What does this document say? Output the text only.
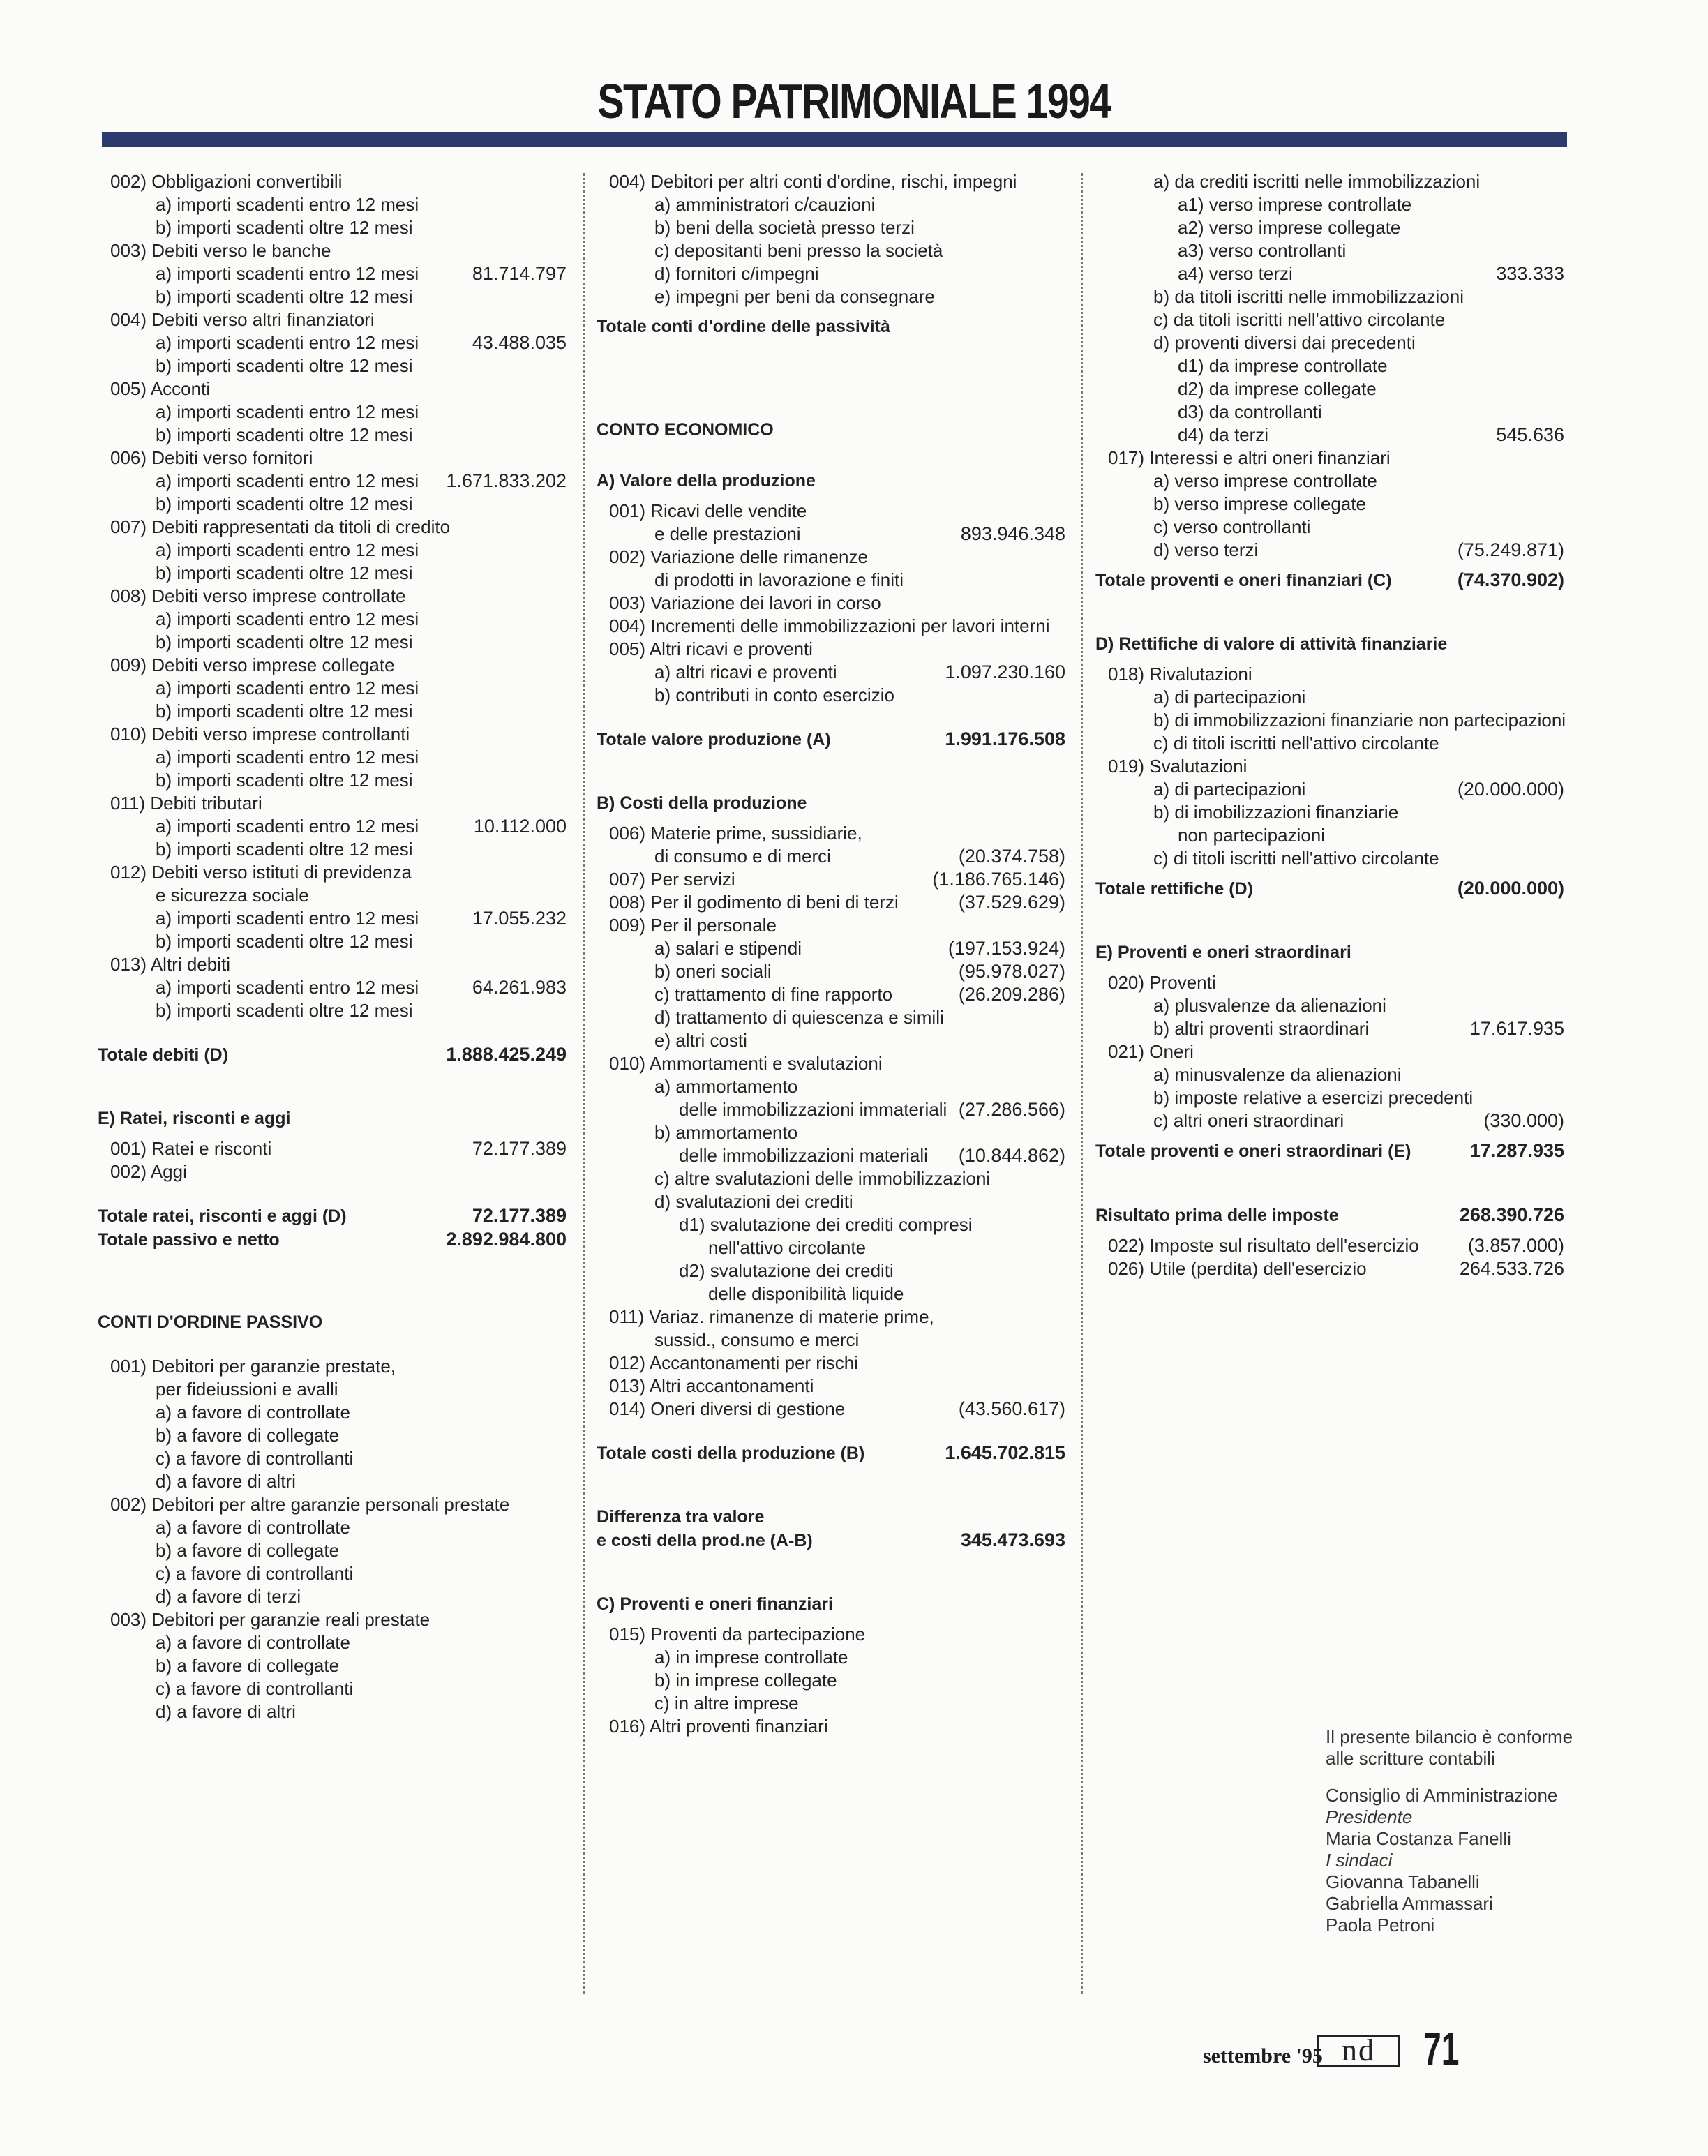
STATO PATRIMONIALE 1994
002) Obbligazioni convertibili
a) importi scadenti entro 12 mesi
b) importi scadenti oltre 12 mesi
003) Debiti verso le banche
a) importi scadenti entro 12 mesi	81.714.797
b) importi scadenti oltre 12 mesi
004) Debiti verso altri finanziatori
a) importi scadenti entro 12 mesi	43.488.035
b) importi scadenti oltre 12 mesi
005) Acconti
a) importi scadenti entro 12 mesi
b) importi scadenti oltre 12 mesi
006) Debiti verso fornitori
a) importi scadenti entro 12 mesi	1.671.833.202
b) importi scadenti oltre 12 mesi
007) Debiti rappresentati da titoli di credito
a) importi scadenti entro 12 mesi
b) importi scadenti oltre 12 mesi
008) Debiti verso imprese controllate
a) importi scadenti entro 12 mesi
b) importi scadenti oltre 12 mesi
009) Debiti verso imprese collegate
a) importi scadenti entro 12 mesi
b) importi scadenti oltre 12 mesi
010) Debiti verso imprese controllanti
a) importi scadenti entro 12 mesi
b) importi scadenti oltre 12 mesi
011) Debiti tributari
a) importi scadenti entro 12 mesi	10.112.000
b) importi scadenti oltre 12 mesi
012) Debiti verso istituti di previdenza
e sicurezza sociale
a) importi scadenti entro 12 mesi	17.055.232
b) importi scadenti oltre 12 mesi
013) Altri debiti
a) importi scadenti entro 12 mesi	64.261.983
b) importi scadenti oltre 12 mesi
Totale debiti (D)	1.888.425.249
E) Ratei, risconti e aggi
001) Ratei e risconti	72.177.389
002) Aggi
Totale ratei, risconti e aggi (D)	72.177.389
Totale passivo e netto	2.892.984.800
CONTI D'ORDINE PASSIVO
001) Debitori per garanzie prestate,
per fideiussioni e avalli
a) a favore di controllate
b) a favore di collegate
c) a favore di controllanti
d) a favore di altri
002) Debitori per altre garanzie personali prestate
a) a favore di controllate
b) a favore di collegate
c) a favore di controllanti
d) a favore di terzi
003) Debitori per garanzie reali prestate
a) a favore di controllate
b) a favore di collegate
c) a favore di controllanti
d) a favore di altri
004) Debitori per altri conti d'ordine, rischi, impegni
a) amministratori c/cauzioni
b) beni della società presso terzi
c) depositanti beni presso la società
d) fornitori c/impegni
e) impegni per beni da consegnare
Totale conti d'ordine delle passività
CONTO ECONOMICO
A) Valore della produzione
001) Ricavi delle vendite
e delle prestazioni	893.946.348
002) Variazione delle rimanenze
di prodotti in lavorazione e finiti
003) Variazione dei lavori in corso
004) Incrementi delle immobilizzazioni per lavori interni
005) Altri ricavi e proventi
a) altri ricavi e proventi	1.097.230.160
b) contributi in conto esercizio
Totale valore produzione (A)	1.991.176.508
B) Costi della produzione
006) Materie prime, sussidiarie,
di consumo e di merci	(20.374.758)
007) Per servizi	(1.186.765.146)
008) Per il godimento di beni di terzi	(37.529.629)
009) Per il personale
a) salari e stipendi	(197.153.924)
b) oneri sociali	(95.978.027)
c) trattamento di fine rapporto	(26.209.286)
d) trattamento di quiescenza e simili
e) altri costi
010) Ammortamenti e svalutazioni
a) ammortamento
delle immobilizzazioni immateriali (27.286.566)
b) ammortamento
delle immobilizzazioni materiali	(10.844.862)
c) altre svalutazioni delle immobilizzazioni
d) svalutazioni dei crediti
d1) svalutazione dei crediti compresi
nell'attivo circolante
d2) svalutazione dei crediti
delle disponibilità liquide
011) Variaz. rimanenze di materie prime,
sussid., consumo e merci
012) Accantonamenti per rischi
013) Altri accantonamenti
014) Oneri diversi di gestione	(43.560.617)
Totale costi della produzione (B)	1.645.702.815
Differenza tra valore
e costi della prod.ne (A-B)	345.473.693
C) Proventi e oneri finanziari
015) Proventi da partecipazione
a) in imprese controllate
b) in imprese collegate
c) in altre imprese
016) Altri proventi finanziari
a) da crediti iscritti nelle immobilizzazioni
a1) verso imprese controllate
a2) verso imprese collegate
a3) verso controllanti
a4) verso terzi	333.333
b) da titoli iscritti nelle immobilizzazioni
c) da titoli iscritti nell'attivo circolante
d) proventi diversi dai precedenti
d1) da imprese controllate
d2) da imprese collegate
d3) da controllanti
d4) da terzi	545.636
017) Interessi e altri oneri finanziari
a) verso imprese controllate
b) verso imprese collegate
c) verso controllanti
d) verso terzi	(75.249.871)
Totale proventi e oneri finanziari (C)	(74.370.902)
D) Rettifiche di valore di attività finanziarie
018) Rivalutazioni
a) di partecipazioni
b) di immobilizzazioni finanziarie non partecipazioni
c) di titoli iscritti nell'attivo circolante
019) Svalutazioni
a) di partecipazioni	(20.000.000)
b) di imobilizzazioni finanziarie
non partecipazioni
c) di titoli iscritti nell'attivo circolante
Totale rettifiche (D)	(20.000.000)
E) Proventi e oneri straordinari
020) Proventi
a) plusvalenze da alienazioni
b) altri proventi straordinari	17.617.935
021) Oneri
a) minusvalenze da alienazioni
b) imposte relative a esercizi precedenti
c) altri oneri straordinari	(330.000)
Totale proventi e oneri straordinari (E)	17.287.935
Risultato prima delle imposte	268.390.726
022) Imposte sul risultato dell'esercizio	(3.857.000)
026) Utile (perdita) dell'esercizio	264.533.726
Il presente bilancio è conforme
alle scritture contabili
Consiglio di Amministrazione
Presidente
Maria Costanza Fanelli
I sindaci
Giovanna Tabanelli
Gabriella Ammassari
Paola Petroni
settembre '95 nd	71
